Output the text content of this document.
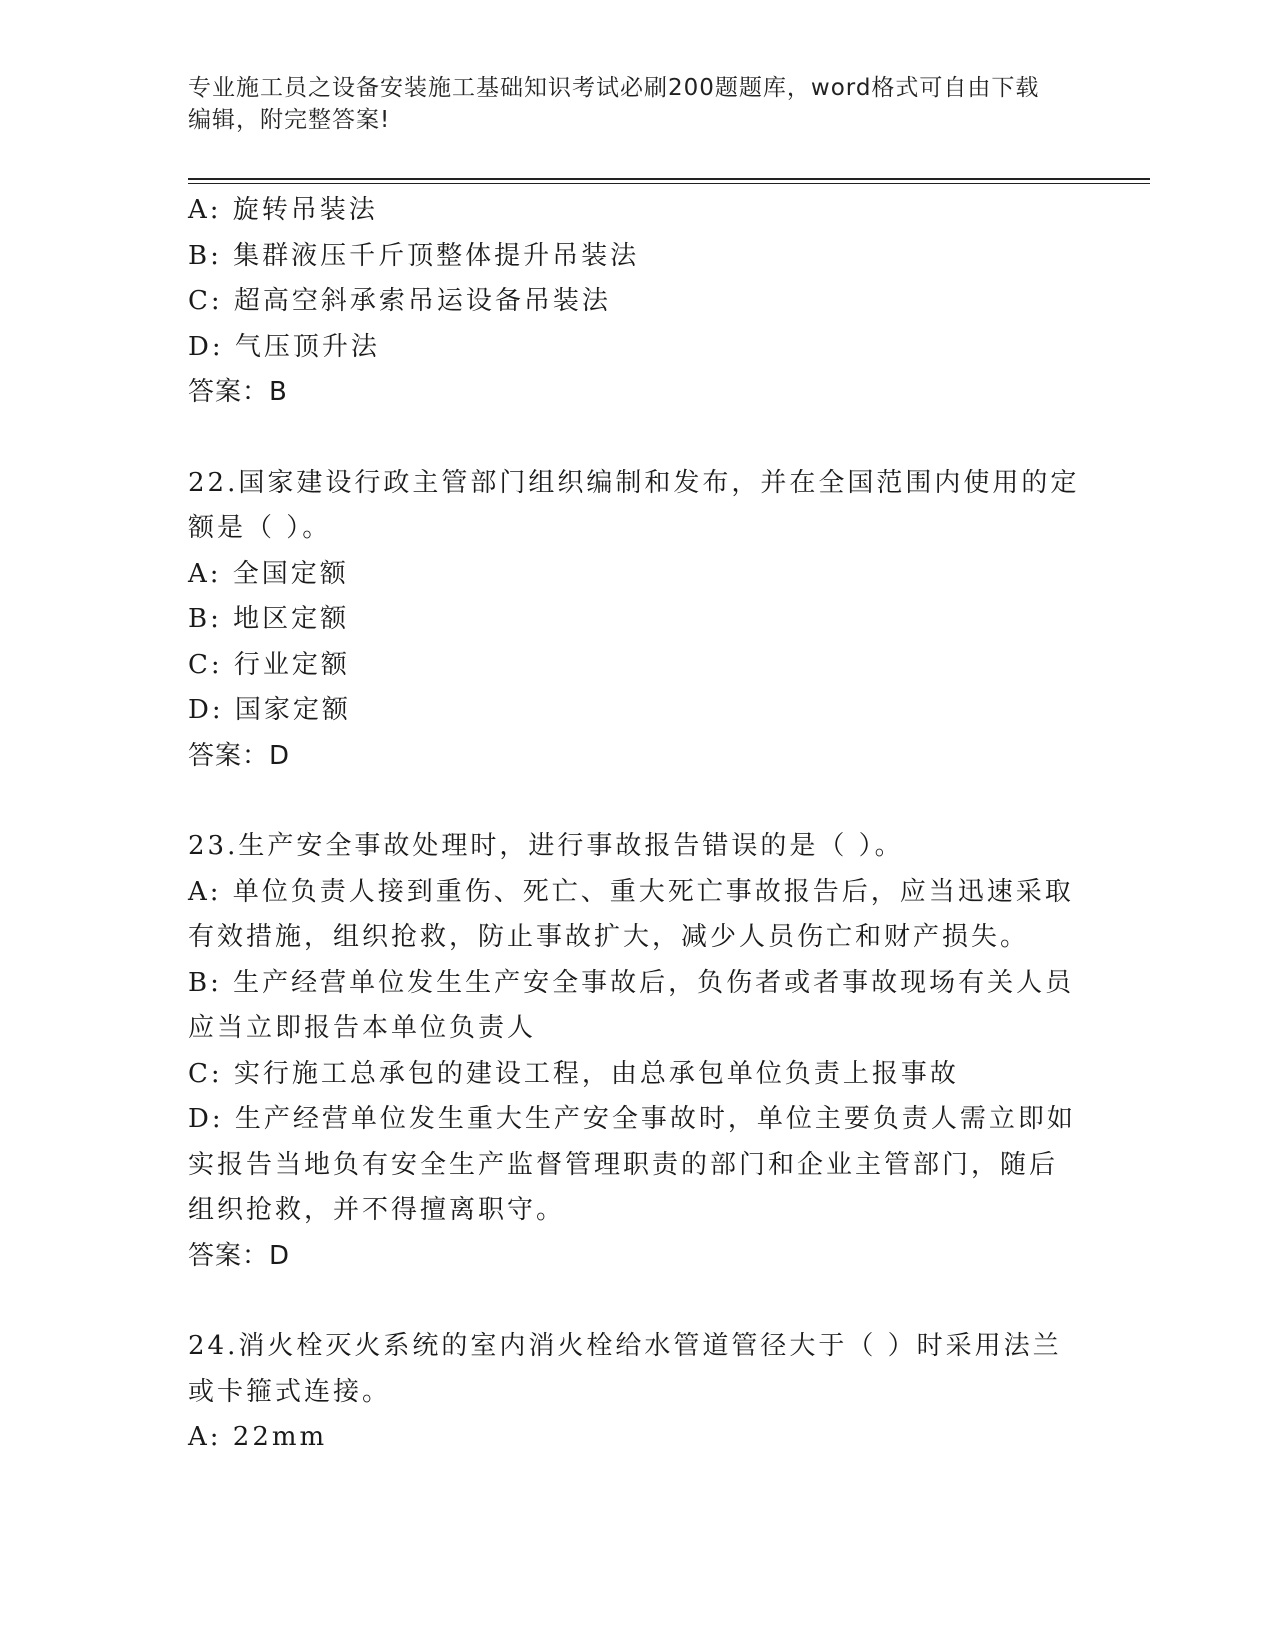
专业施工员之设备安装施工基础知识考试必刷200题题库，word格式可自由下载
编辑，附完整答案!
A: 旋转吊装法
B: 集群液压千斤顶整体提升吊装法
C: 超高空斜承索吊运设备吊装法
D: 气压顶升法
答案：B
22.国家建设行政主管部门组织编制和发布，并在全国范围内使用的定
额是（ ）。
A: 全国定额
B: 地区定额
C: 行业定额
D: 国家定额
答案：D
23.生产安全事故处理时，进行事故报告错误的是（ ）。
A: 单位负责人接到重伤、死亡、重大死亡事故报告后，应当迅速采取
有效措施，组织抢救，防止事故扩大，减少人员伤亡和财产损失。
B: 生产经营单位发生生产安全事故后，负伤者或者事故现场有关人员
应当立即报告本单位负责人
C: 实行施工总承包的建设工程，由总承包单位负责上报事故
D: 生产经营单位发生重大生产安全事故时，单位主要负责人需立即如
实报告当地负有安全生产监督管理职责的部门和企业主管部门，随后
组织抢救，并不得擅离职守。
答案：D
24.消火栓灭火系统的室内消火栓给水管道管径大于（ ）时采用法兰
或卡箍式连接。
A: 22mm
